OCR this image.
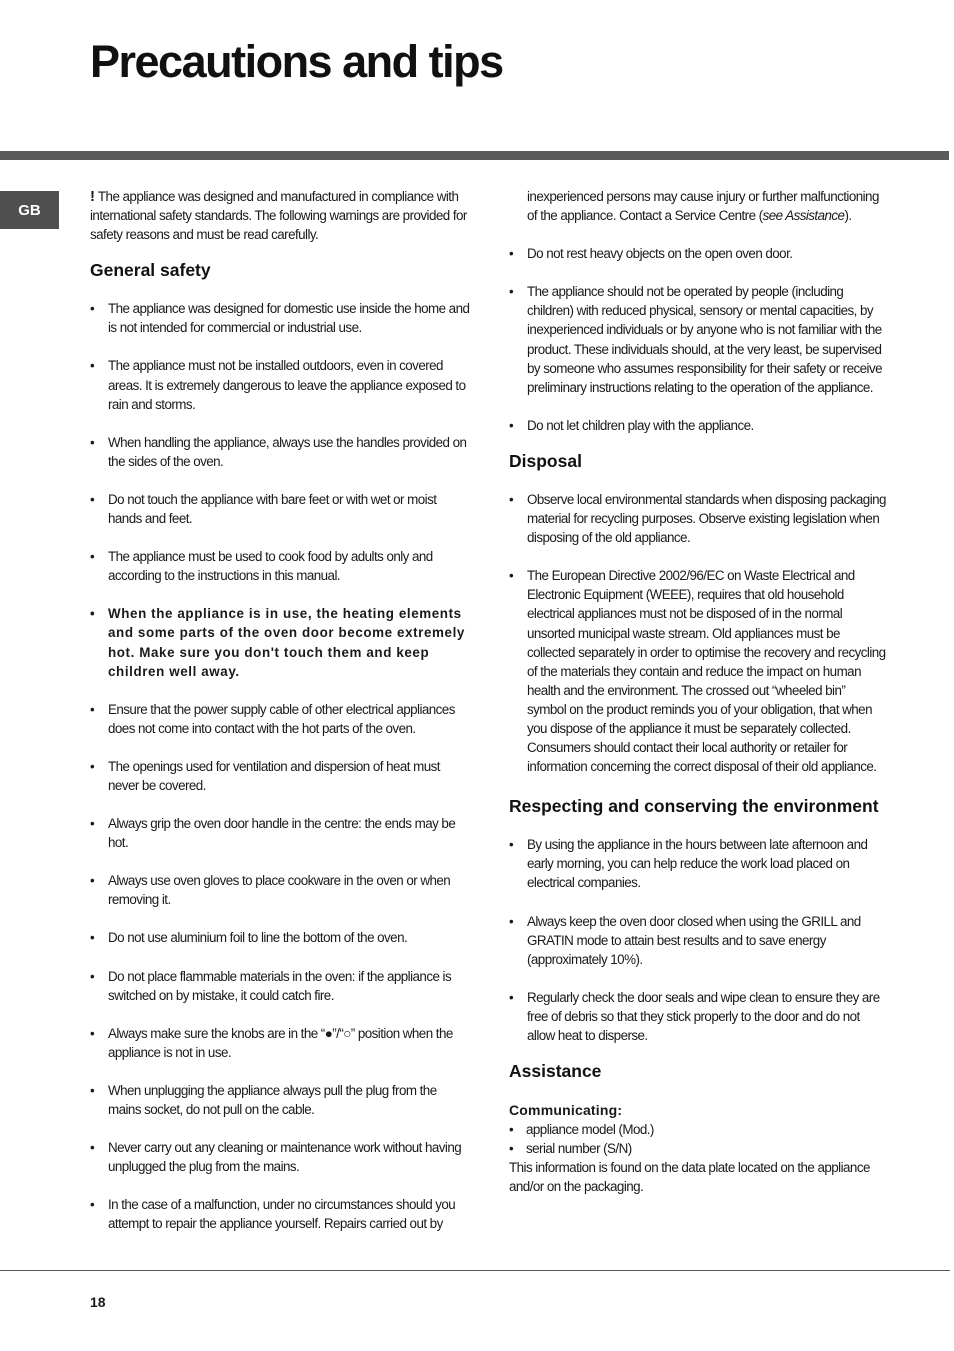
Precautions and tips
GB

! The appliance was designed and manufactured in compliance with international safety standards. The following warnings are provided for safety reasons and must be read carefully.

General safety
• The appliance was designed for domestic use inside the home and is not intended for commercial or industrial use.
• The appliance must not be installed outdoors, even in covered areas. It is extremely dangerous to leave the appliance exposed to rain and storms.
• When handling the appliance, always use the handles provided on the sides of the oven.
• Do not touch the appliance with bare feet or with wet or moist hands and feet.
• The appliance must be used to cook food by adults only and according to the instructions in this manual.
• When the appliance is in use, the heating elements and some parts of the oven door become extremely hot. Make sure you don't touch them and keep children well away.
• Ensure that the power supply cable of other electrical appliances does not come into contact with the hot parts of the oven.
• The openings used for ventilation and dispersion of heat must never be covered.
• Always grip the oven door handle in the centre: the ends may be hot.
• Always use oven gloves to place cookware in the oven or when removing it.
• Do not use aluminium foil to line the bottom of the oven.
• Do not place flammable materials in the oven: if the appliance is switched on by mistake, it could catch fire.
• Always make sure the knobs are in the “●”/“○” position when the appliance is not in use.
• When unplugging the appliance always pull the plug from the mains socket, do not pull on the cable.
• Never carry out any cleaning or maintenance work without having unplugged the plug from the mains.
• In the case of a malfunction, under no circumstances should you attempt to repair the appliance yourself. Repairs carried out by

inexperienced persons may cause injury or further malfunctioning of the appliance. Contact a Service Centre (see Assistance).

• Do not rest heavy objects on the open oven door.
• The appliance should not be operated by people (including children) with reduced physical, sensory or mental capacities, by inexperienced individuals or by anyone who is not familiar with the product. These individuals should, at the very least, be supervised by someone who assumes responsibility for their safety or receive preliminary instructions relating to the operation of the appliance.
• Do not let children play with the appliance.
Disposal
• Observe local environmental standards when disposing packaging material for recycling purposes. Observe existing legislation when disposing of the old appliance.
• The European Directive 2002/96/EC on Waste Electrical and Electronic Equipment (WEEE), requires that old household electrical appliances must not be disposed of in the normal unsorted municipal waste stream. Old appliances must be collected separately in order to optimise the recovery and recycling of the materials they contain and reduce the impact on human health and the environment. The crossed out “wheeled bin” symbol on the product reminds you of your obligation, that when you dispose of the appliance it must be separately collected.
Consumers should contact their local authority or retailer for information concerning the correct disposal of their old appliance.
Respecting and conserving the environment
• By using the appliance in the hours between late afternoon and early morning, you can help reduce the work load placed on electrical companies.
• Always keep the oven door closed when using the GRILL and GRATIN mode to attain best results and to save energy (approximately 10%).
• Regularly check the door seals and wipe clean to ensure they are free of debris so that they stick properly to the door and do not allow heat to disperse.
Assistance
Communicating:
• appliance model (Mod.)
• serial number (S/N)

This information is found on the data plate located on the appliance and/or on the packaging.

18
